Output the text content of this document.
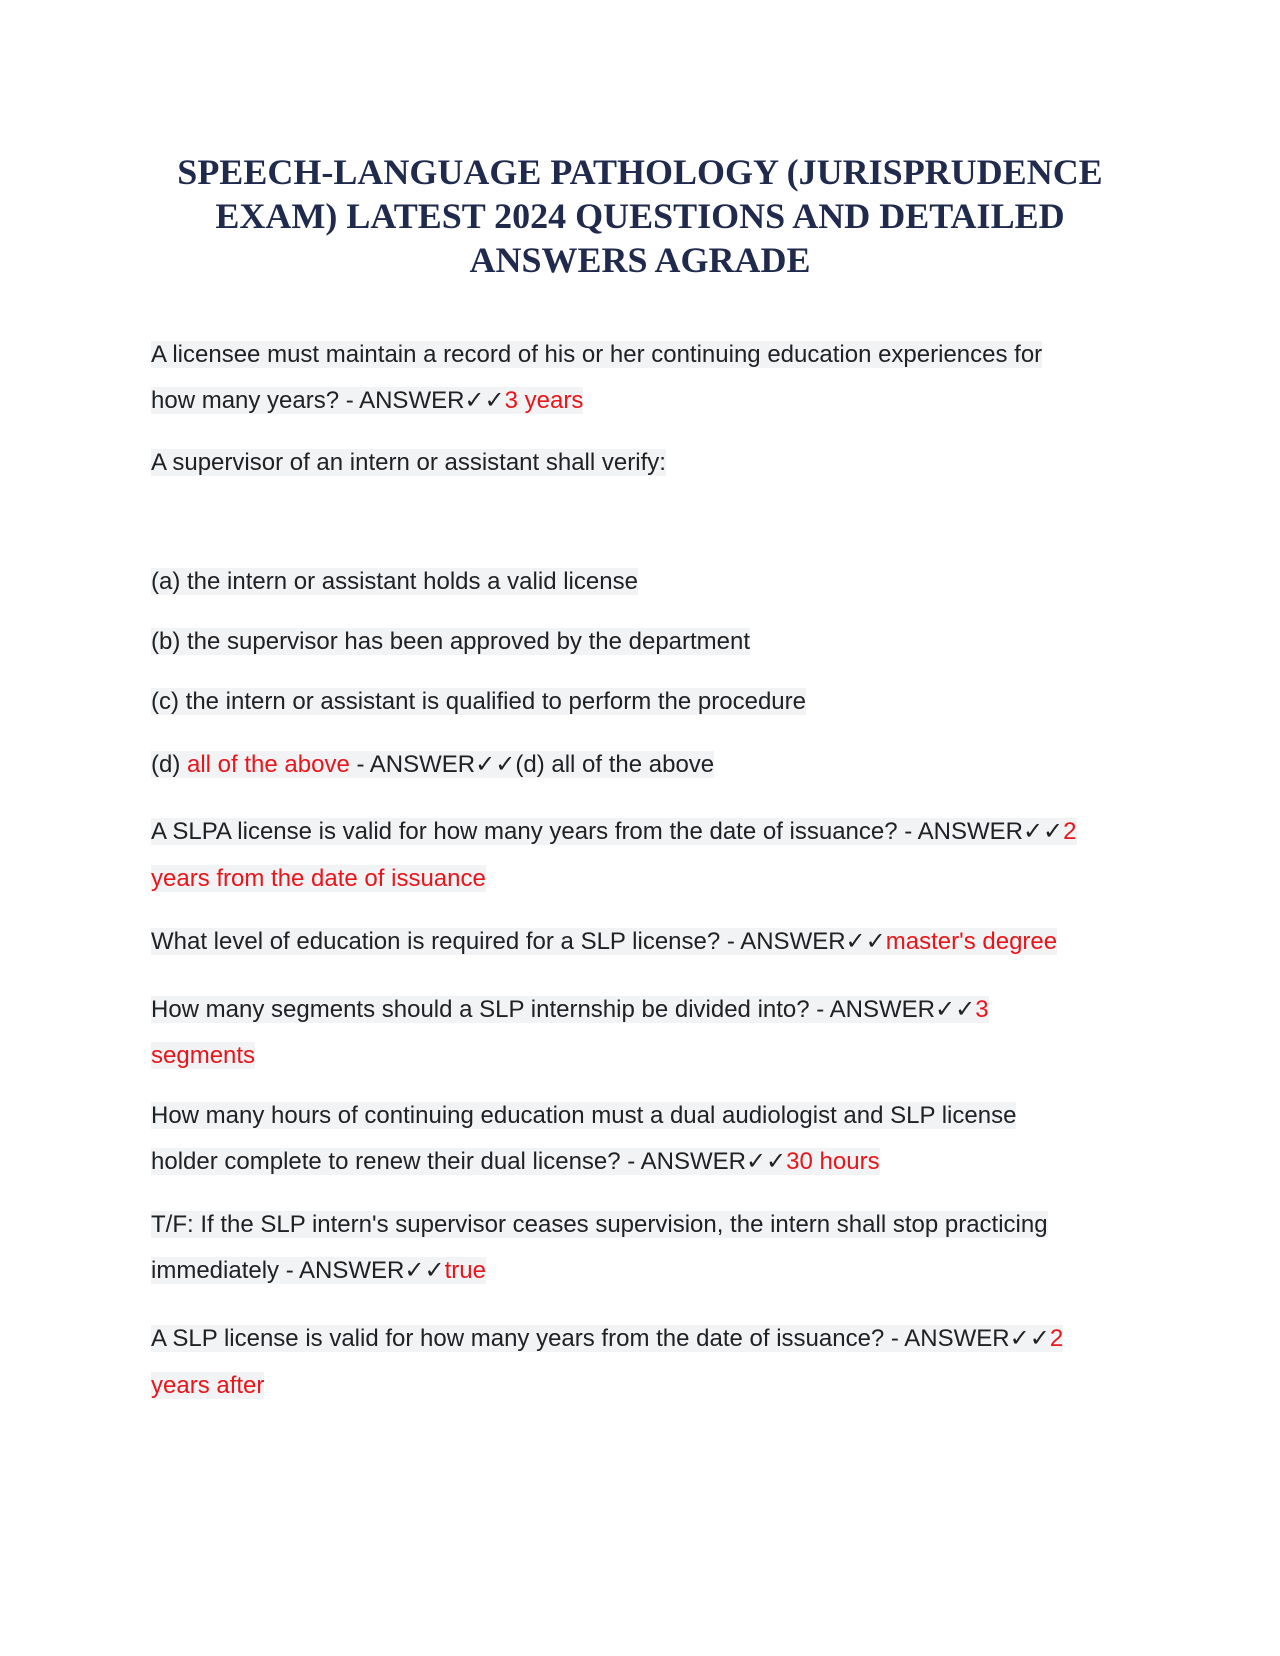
SPEECH-LANGUAGE PATHOLOGY (JURISPRUDENCE
EXAM) LATEST 2024 QUESTIONS AND DETAILED
ANSWERS AGRADE
A licensee must maintain a record of his or her continuing education experiences for
how many years? - ANSWER✓✓3 years
A supervisor of an intern or assistant shall verify:
(a) the intern or assistant holds a valid license
(b) the supervisor has been approved by the department
(c) the intern or assistant is qualified to perform the procedure
(d) all of the above - ANSWER✓✓(d) all of the above
A SLPA license is valid for how many years from the date of issuance? - ANSWER✓✓2
years from the date of issuance
What level of education is required for a SLP license? - ANSWER✓✓master's degree
How many segments should a SLP internship be divided into? - ANSWER✓✓3
segments
How many hours of continuing education must a dual audiologist and SLP license
holder complete to renew their dual license? - ANSWER✓✓30 hours
T/F: If the SLP intern's supervisor ceases supervision, the intern shall stop practicing
immediately - ANSWER✓✓true
A SLP license is valid for how many years from the date of issuance? - ANSWER✓✓2
years after
